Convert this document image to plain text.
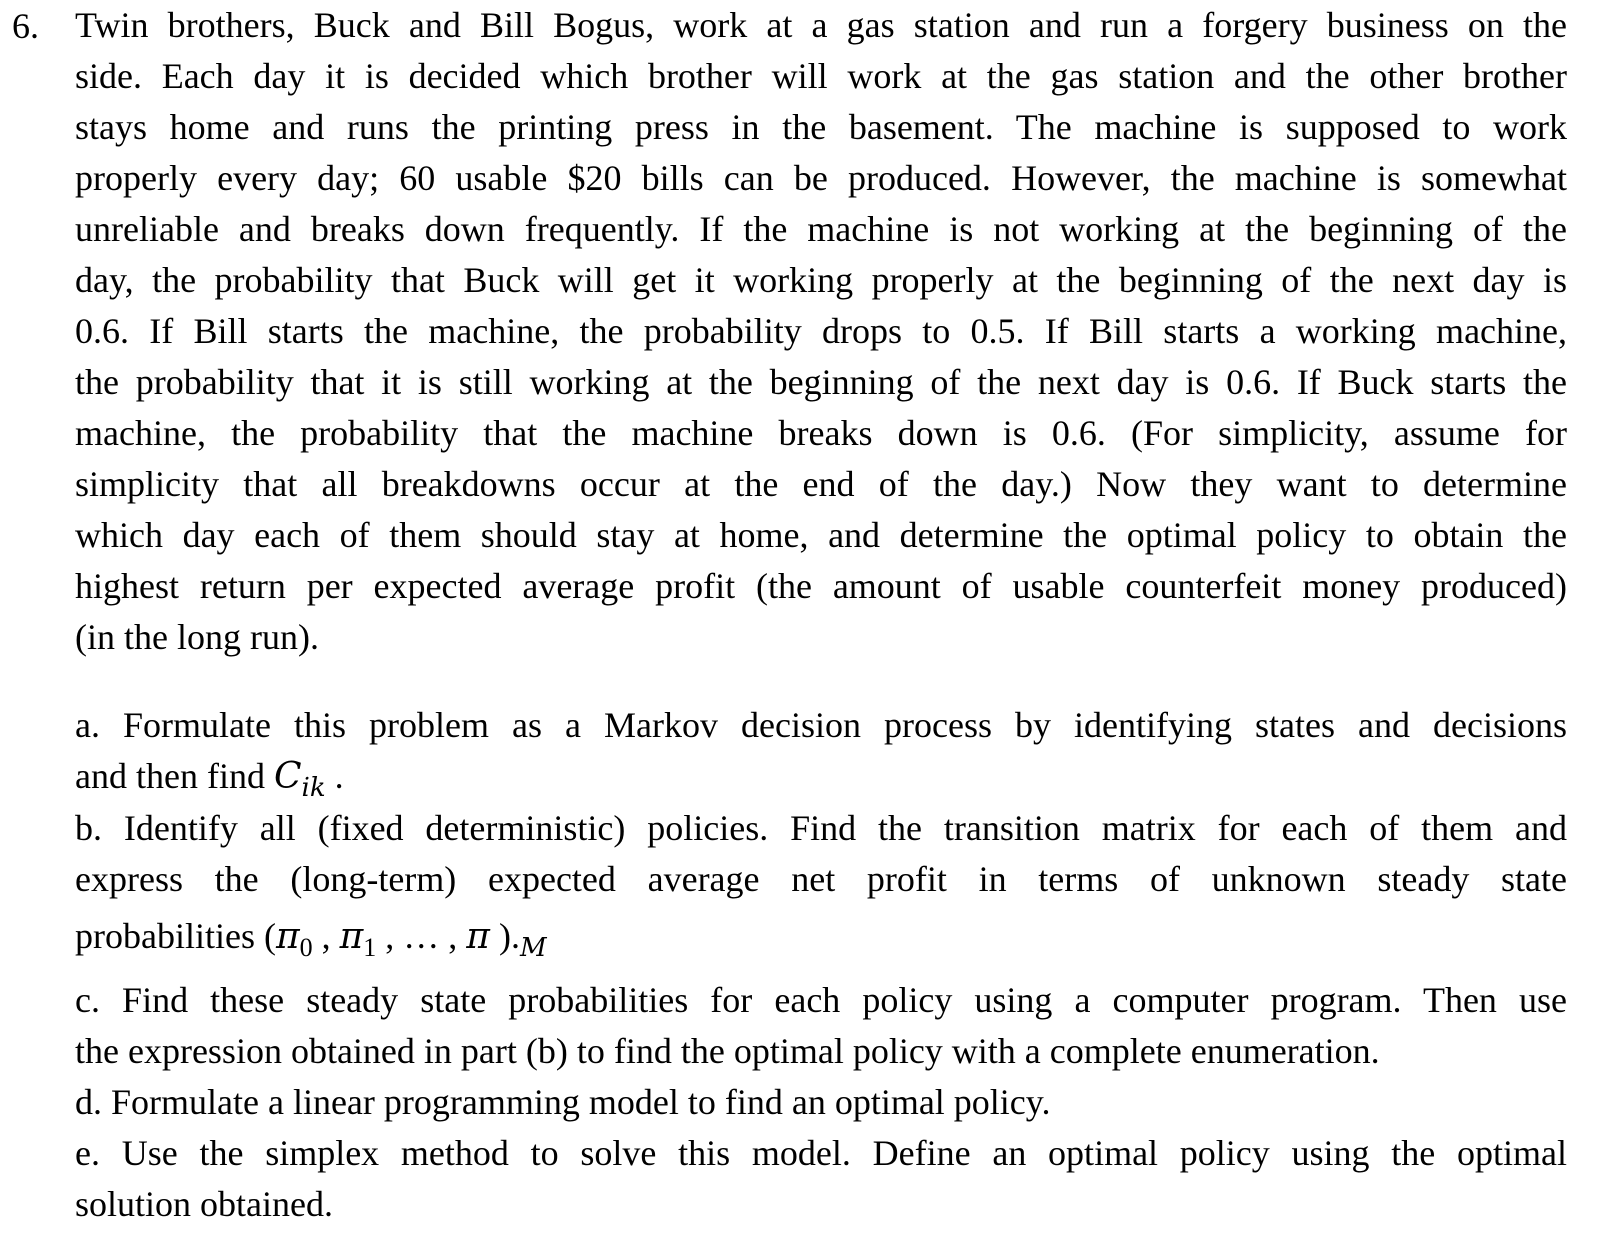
6. Twin brothers, Buck and Bill Bogus, work at a gas station and run a forgery business on the
side. Each day it is decided which brother will work at the gas station and the other brother
stays home and runs the printing press in the basement. The machine is supposed to work
properly every day; 60 usable $20 bills can be produced. However, the machine is somewhat
unreliable and breaks down frequently. If the machine is not working at the beginning of the
day, the probability that Buck will get it working properly at the beginning of the next day is
0.6. If Bill starts the machine, the probability drops to 0.5. If Bill starts a working machine,
the probability that it is still working at the beginning of the next day is 0.6. If Buck starts the
machine, the probability that the machine breaks down is 0.6. (For simplicity, assume for
simplicity that all breakdowns occur at the end of the day.) Now they want to determine
which day each of them should stay at home, and determine the optimal policy to obtain the
highest return per expected average profit (the amount of usable counterfeit money produced)
(in the long run).
a. Formulate this problem as a Markov decision process by identifying states and decisions
and then find $C_{ik}$ .
b. Identify all (fixed deterministic) policies. Find the transition matrix for each of them and
express the (long-term) expected average net profit in terms of unknown steady state
probabilities ($\pi_0$ , $\pi_1$ , … , π )$._M$
c. Find these steady state probabilities for each policy using a computer program. Then use
the expression obtained in part (b) to find the optimal policy with a complete enumeration.
d. Formulate a linear programming model to find an optimal policy.
e. Use the simplex method to solve this model. Define an optimal policy using the optimal
solution obtained.
